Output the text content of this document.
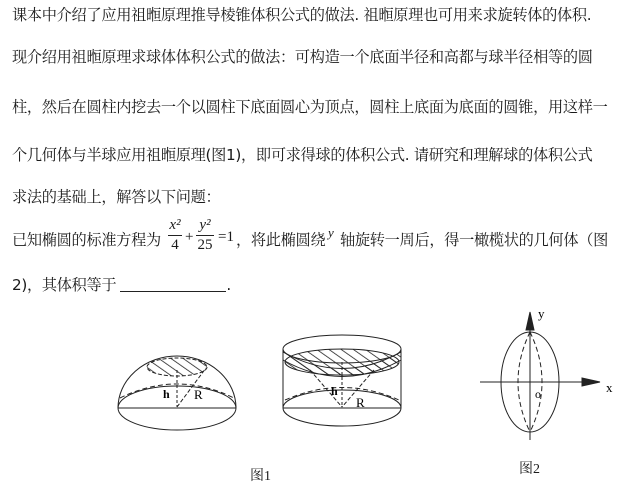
课本中介绍了应用祖暅原理推导棱锥体积公式的做法. 祖暅原理也可用来求旋转体的体积.
现介绍用祖暅原理求球体体积公式的做法：可构造一个底面半径和高都与球半径相等的圆
柱，然后在圆柱内挖去一个以圆柱下底面圆心为顶点，圆柱上底面为底面的圆锥，用这样一
个几何体与半球应用祖暅原理(图1)，即可求得球的体积公式. 请研究和理解球的体积公式
求法的基础上，解答以下问题：
已知椭圆的标准方程为
x²
4 +
y²
25 =1 ，将此椭圆绕 y 轴旋转一周后，得一橄榄状的几何体（图
2)，其体积等于	.
h R	h
R
y
x
o
图1	图2
